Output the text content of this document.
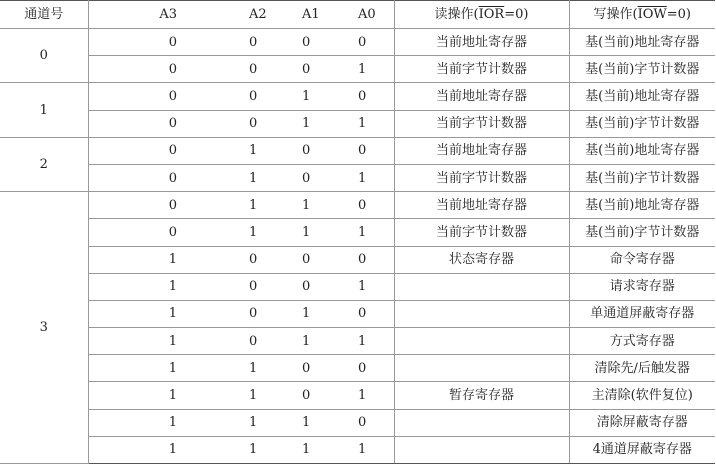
通道号	A3	A2	A1	A0	读操作$(\overline{IOR}=0)$	写操作$(\overline{IOW}=0)$
0	0	0	0	0	当前地址寄存器	基(当前)地址寄存器
	0	0	0	1	当前字节计数器	基(当前)字节计数器
1	0	0	1	0	当前地址寄存器	基(当前)地址寄存器
	0	0	1	1	当前字节计数器	基(当前)字节计数器
2	0	1	0	0	当前地址寄存器	基(当前)地址寄存器
	0	1	0	1	当前字节计数器	基(当前)字节计数器
3	0	1	1	0	当前地址寄存器	基(当前)地址寄存器
	0	1	1	1	当前字节计数器	基(当前)字节计数器
	1	0	0	0	状态寄存器	命令寄存器
	1	0	0	1		请求寄存器
	1	0	1	0		单通道屏蔽寄存器
	1	0	1	1		方式寄存器
	1	1	0	0		清除先/后触发器
	1	1	0	1	暂存寄存器	主清除(软件复位)
	1	1	1	0		清除屏蔽寄存器
	1	1	1	1		4通道屏蔽寄存器
